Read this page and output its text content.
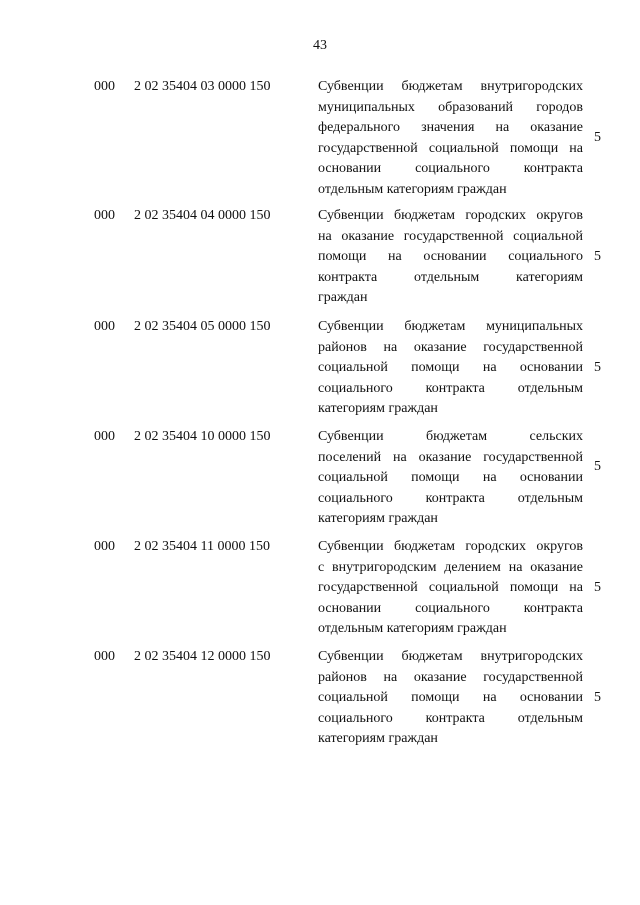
43
000 2 02 35404 03 0000 150	Субвенции бюджетам внутригородских
муниципальных образований городов
федерального значения на оказание
государственной социальной помощи на
основании социального контракта
отдельным категориям граждан
5
000 2 02 35404 04 0000 150	Субвенции бюджетам городских округов
на оказание государственной социальной
помощи на основании социального
контракта отдельным категориям
граждан
5
000 2 02 35404 05 0000 150	Субвенции бюджетам муниципальных
районов на оказание государственной
социальной помощи на основании
социального контракта отдельным
категориям граждан
5
000 2 02 35404 10 0000 150	Субвенции бюджетам сельских
поселений на оказание государственной
социальной помощи на основании
социального контракта отдельным
категориям граждан
5
000 2 02 35404 11 0000 150	Субвенции бюджетам городских округов
с внутригородским делением на оказание
государственной социальной помощи на
основании социального контракта
отдельным категориям граждан
5
000 2 02 35404 12 0000 150	Субвенции бюджетам внутригородских
районов на оказание государственной
социальной помощи на основании
социального контракта отдельным
категориям граждан
5
